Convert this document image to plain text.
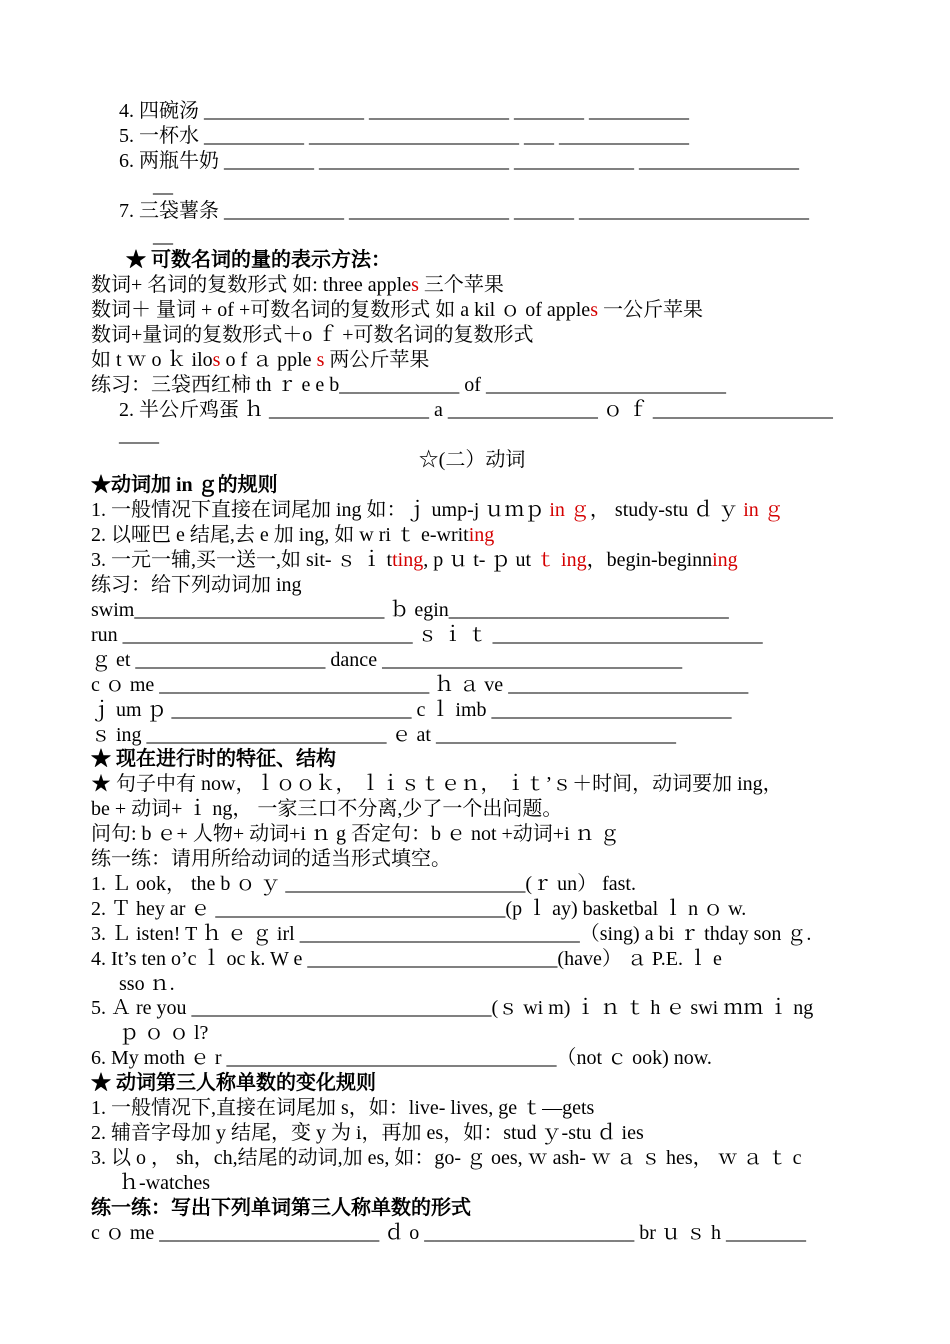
4. 四碗汤 ________________ ______________ _______ __________
5. 一杯水 __________ _____________________ ___ _____________
6. 两瓶牛奶 _________ ___________________ ____________ ________________
__
7. 三袋薯条 ____________ ________________ ______ _______________________
__
★ 可数名词的量的表示方法：
数词+ 名词的复数形式 如: three apples 三个苹果
数词＋ 量词 + of +可数名词的复数形式 如 a kil ｏ of apples 一公斤苹果
数词+量词的复数形式＋o ｆ +可数名词的复数形式
如 t ｗ o ｋ ilos o f ａ pple s 两公斤苹果
练习：三袋西红柿 th ｒ e e b____________ of ________________________
2. 半公斤鸡蛋 ｈ ________________ a _______________ ｏ ｆ __________________
____
☆(二）动词
★动词加 in ｇ的规则
1. 一般情况下直接在词尾加 ing 如：ｊ ump-j ｕｍｐ in ｇ， study-stu ｄ ｙ in ｇ
2. 以哑巴 e 结尾,去 e 加 ing, 如 w ri ｔ e-writing
3. 一元一辅,买一送一,如 sit- ｓ ｉ tting, p ｕ t- ｐ ut ｔ ing，begin-beginning
练习：给下列动词加 ing
swim_________________________ ｂ egin____________________________
run _____________________________ ｓ ｉ ｔ ___________________________
ｇ et ___________________ dance ______________________________
c ｏ me ___________________________ ｈ ａ ve ________________________
ｊ um ｐ ________________________ c ｌ imb ________________________
ｓ ing ________________________ ｅ at ________________________
★ 现在进行时的特征、结构
★ 句子中有 now，ｌｏｏｋ， ｌｉｓｔｅｎ， ｉｔ’ｓ＋时间，动词要加 ing，
be + 动词+ ｉ ng， 一家三口不分离,少了一个出问题。
问句: b ｅ+ 人物+ 动词+i ｎ g 否定句：b ｅ not +动词+i ｎ ｇ
练一练：请用所给动词的适当形式填空。
1. Ｌ ook， the b ｏ ｙ ________________________(ｒ un） fast.
2. Ｔ hey ar ｅ _____________________________(p ｌ ay) basketbal ｌ n ｏ w.
3. Ｌ isten! T ｈ ｅ ｇ irl ____________________________（sing) a bi ｒ thday son ｇ.
4. It’s ten o’c ｌ oc k. W e _________________________(have） ａ P.E. ｌ e
sso ｎ.
5. Ａ re you ______________________________(ｓ wi m) ｉ ｎ ｔ h ｅ swi ｍｍ ｉ ng
ｐ ｏ ｏ l?
6. My moth ｅ r _________________________________（not ｃ ook) now.
★ 动词第三人称单数的变化规则
1. 一般情况下,直接在词尾加 s，如：live- lives, ge ｔ—gets
2. 辅音字母加 y 结尾，变 y 为 i，再加 es，如：stud ｙ-stu ｄ ies
3. 以 o ， sh，ch,结尾的动词,加 es, 如：go- ｇ oes, ｗ ash- ｗ ａ ｓ hes， ｗ ａ ｔ c
ｈ-watches
练一练：写出下列单词第三人称单数的形式
c ｏ me ______________________ ｄ o _____________________ br ｕ ｓ h ________
